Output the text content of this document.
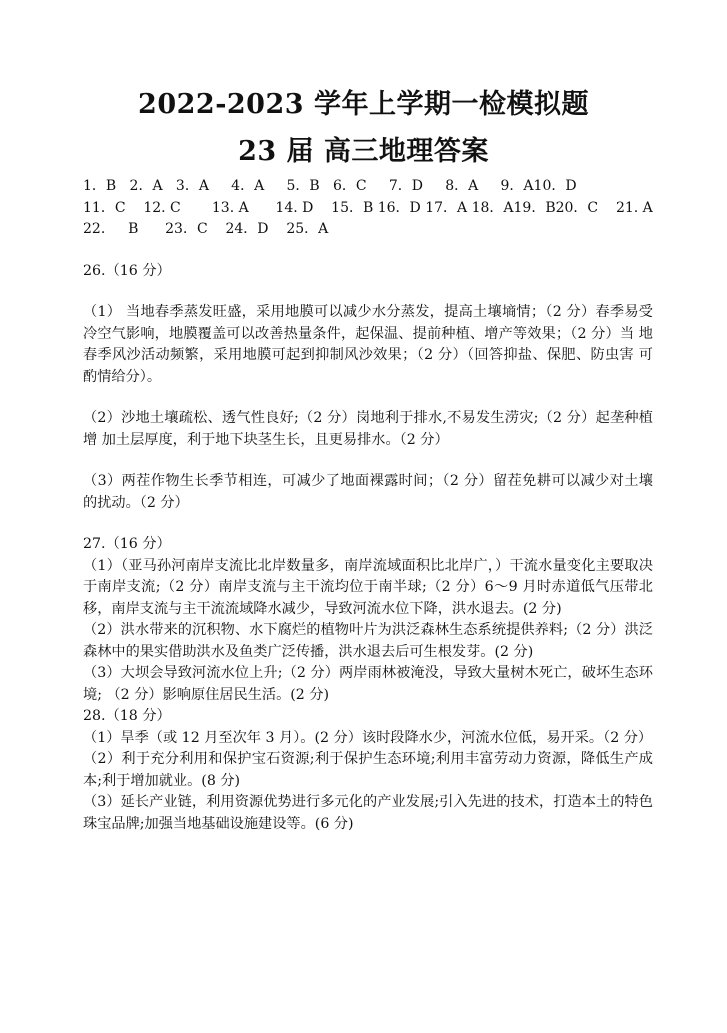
2022-2023 学年上学期一检模拟题
23 届 高三地理答案

1．B   2．A   3．A     4．A     5．B   6．C     7．D     8．A     9．A10．D

11．C    12. C       13. A      14. D    15．B 16．D 17．A 18．A19．B20．C    21. A

22．   B      23．C    24．D    25．A

26.（16 分）

（1） 当地春季蒸发旺盛，采用地膜可以减少水分蒸发，提高土壤墒情；（2 分）春季易受 冷空气影响，地膜覆盖可以改善热量条件，起保温、提前种植、增产等效果；（2 分）当 地春季风沙活动频繁，采用地膜可起到抑制风沙效果；（2 分）（回答抑盐、保肥、防虫害 可酌情给分）。

（2）沙地土壤疏松、透气性良好;（2 分）岗地利于排水,不易发生涝灾;（2 分）起垄种植增 加土层厚度，利于地下块茎生长，且更易排水。（2 分）

（3）两茬作物生长季节相连，可减少了地面裸露时间；（2 分）留茬免耕可以减少对土壤 的扰动。（2 分）

27.（16 分）

（1）（亚马孙河南岸支流比北岸数量多，南岸流域面积比北岸广，）干流水量变化主要取决于南岸支流;（2 分）南岸支流与主干流均位于南半球;（2 分）6～9 月时赤道低气压带北移，南岸支流与主干流流域降水减少，导致河流水位下降，洪水退去。(2 分)

（2）洪水带来的沉积物、水下腐烂的植物叶片为洪泛森林生态系统提供养料;（2 分）洪泛森林中的果实借助洪水及鱼类广泛传播，洪水退去后可生根发芽。(2 分)

（3）大坝会导致河流水位上升;（2 分）两岸雨林被淹没，导致大量树木死亡，破坏生态环境; （2 分）影响原住居民生活。(2 分)

28.（18 分）

（1）旱季（或 12 月至次年 3 月）。(2 分）该时段降水少，河流水位低，易开采。（2 分）

（2）利于充分利用和保护宝石资源;利于保护生态环境;利用丰富劳动力资源，降低生产成本;利于增加就业。(8 分)

（3）延长产业链，利用资源优势进行多元化的产业发展;引入先进的技术，打造本土的特色珠宝品牌;加强当地基础设施建设等。(6 分)
